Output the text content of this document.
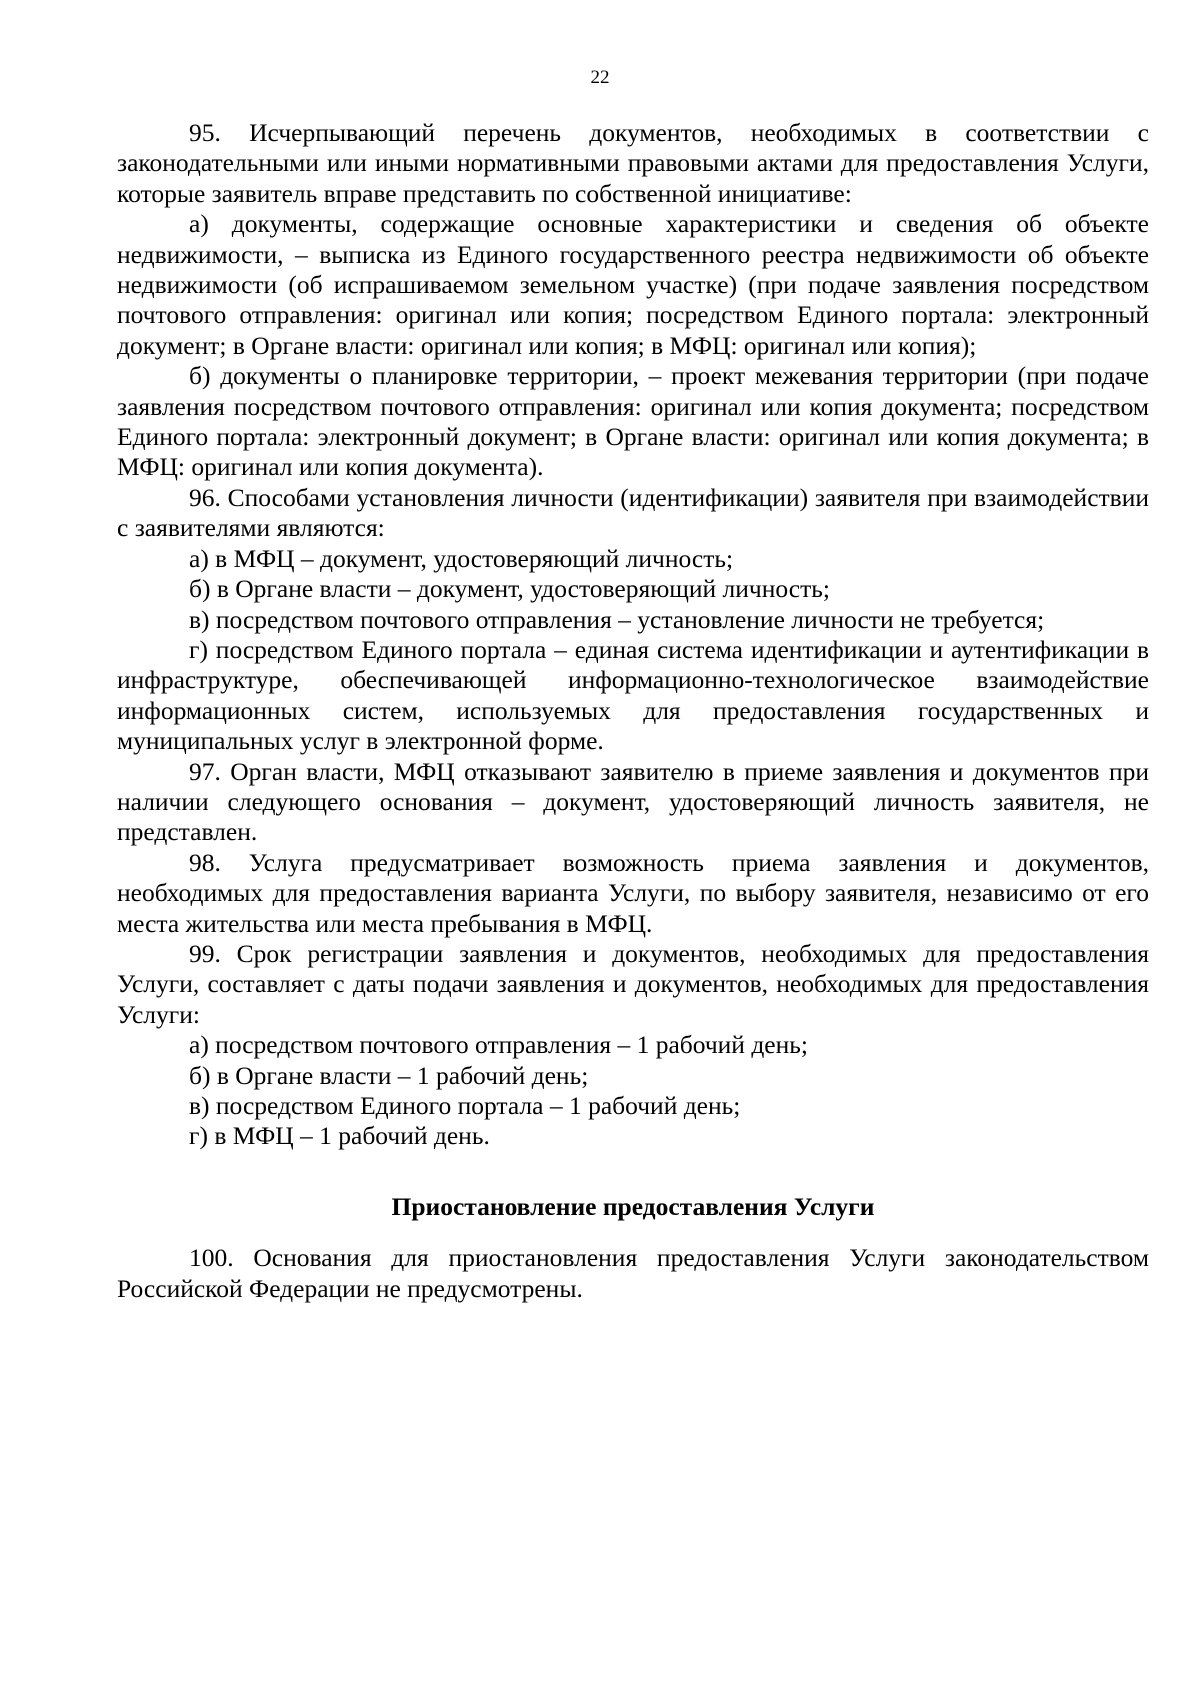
22

95. Исчерпывающий перечень документов, необходимых в соответствии с законодательными или иными нормативными правовыми актами для предоставления Услуги, которые заявитель вправе представить по собственной инициативе:

а) документы, содержащие основные характеристики и сведения об объекте недвижимости, – выписка из Единого государственного реестра недвижимости об объекте недвижимости (об испрашиваемом земельном участке) (при подаче заявления посредством почтового отправления: оригинал или копия; посредством Единого портала: электронный документ; в Органе власти: оригинал или копия; в МФЦ: оригинал или копия);

б) документы о планировке территории, – проект межевания территории (при подаче заявления посредством почтового отправления: оригинал или копия документа; посредством Единого портала: электронный документ; в Органе власти: оригинал или копия документа; в МФЦ: оригинал или копия документа).

96. Способами установления личности (идентификации) заявителя при взаимодействии с заявителями являются:

а) в МФЦ – документ, удостоверяющий личность;

б) в Органе власти – документ, удостоверяющий личность;

в) посредством почтового отправления – установление личности не требуется;

г) посредством Единого портала – единая система идентификации и аутентификации в инфраструктуре, обеспечивающей информационно-технологическое взаимодействие информационных систем, используемых для предоставления государственных и муниципальных услуг в электронной форме.

97. Орган власти, МФЦ отказывают заявителю в приеме заявления и документов при наличии следующего основания – документ, удостоверяющий личность заявителя, не представлен.

98. Услуга предусматривает возможность приема заявления и документов, необходимых для предоставления варианта Услуги, по выбору заявителя, независимо от его места жительства или места пребывания в МФЦ.

99. Срок регистрации заявления и документов, необходимых для предоставления Услуги, составляет с даты подачи заявления и документов, необходимых для предоставления Услуги:

а) посредством почтового отправления – 1 рабочий день;

б) в Органе власти – 1 рабочий день;

в) посредством Единого портала – 1 рабочий день;

г) в МФЦ – 1 рабочий день.

Приостановление предоставления Услуги

100. Основания для приостановления предоставления Услуги законодательством Российской Федерации не предусмотрены.
